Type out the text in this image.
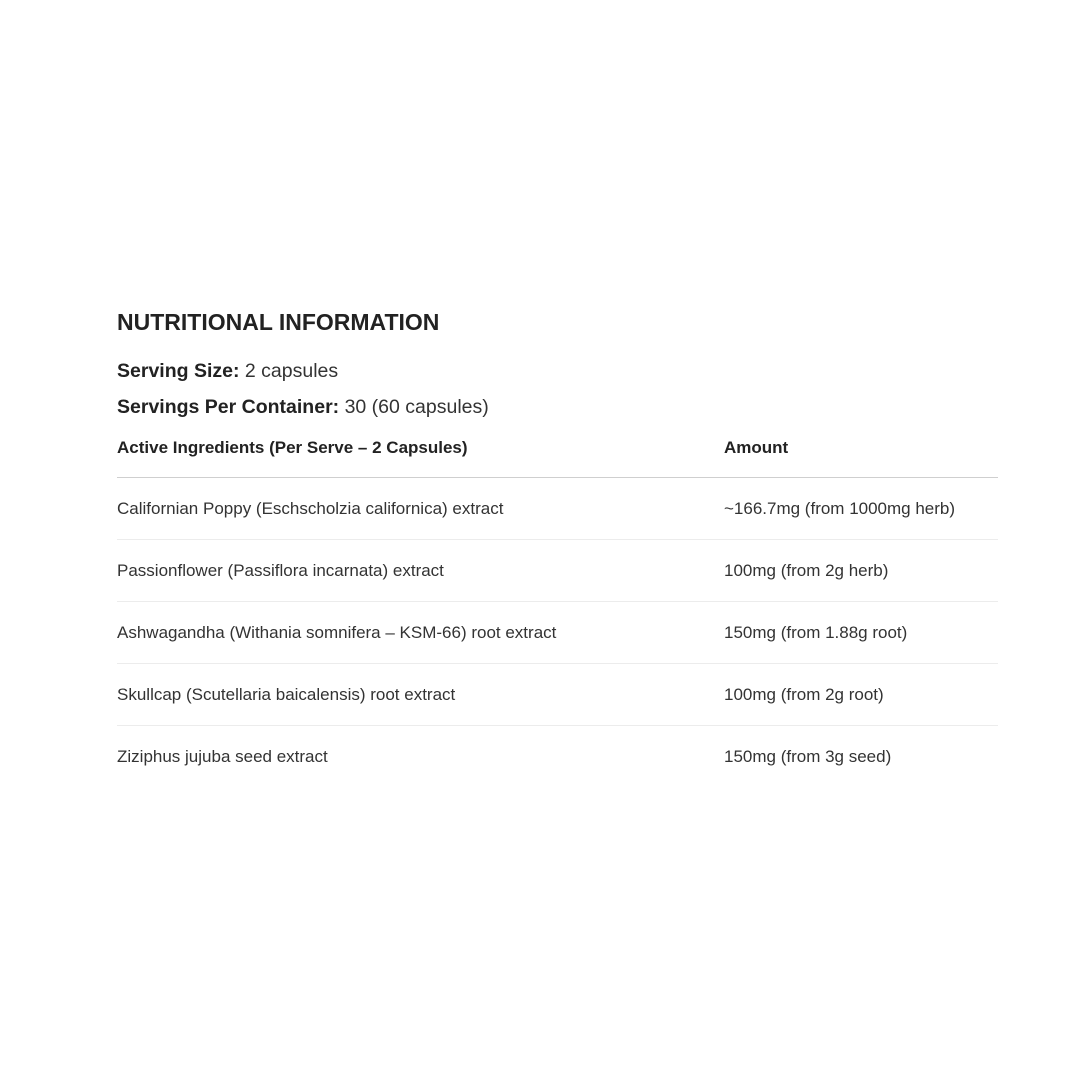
NUTRITIONAL INFORMATION
Serving Size: 2 capsules
Servings Per Container: 30 (60 capsules)
Active Ingredients (Per Serve – 2 Capsules)	Amount
Californian Poppy (Eschscholzia californica) extract	~166.7mg (from 1000mg herb)
Passionflower (Passiflora incarnata) extract	100mg (from 2g herb)
Ashwagandha (Withania somnifera – KSM-66) root extract	150mg (from 1.88g root)
Skullcap (Scutellaria baicalensis) root extract	100mg (from 2g root)
Ziziphus jujuba seed extract	150mg (from 3g seed)
